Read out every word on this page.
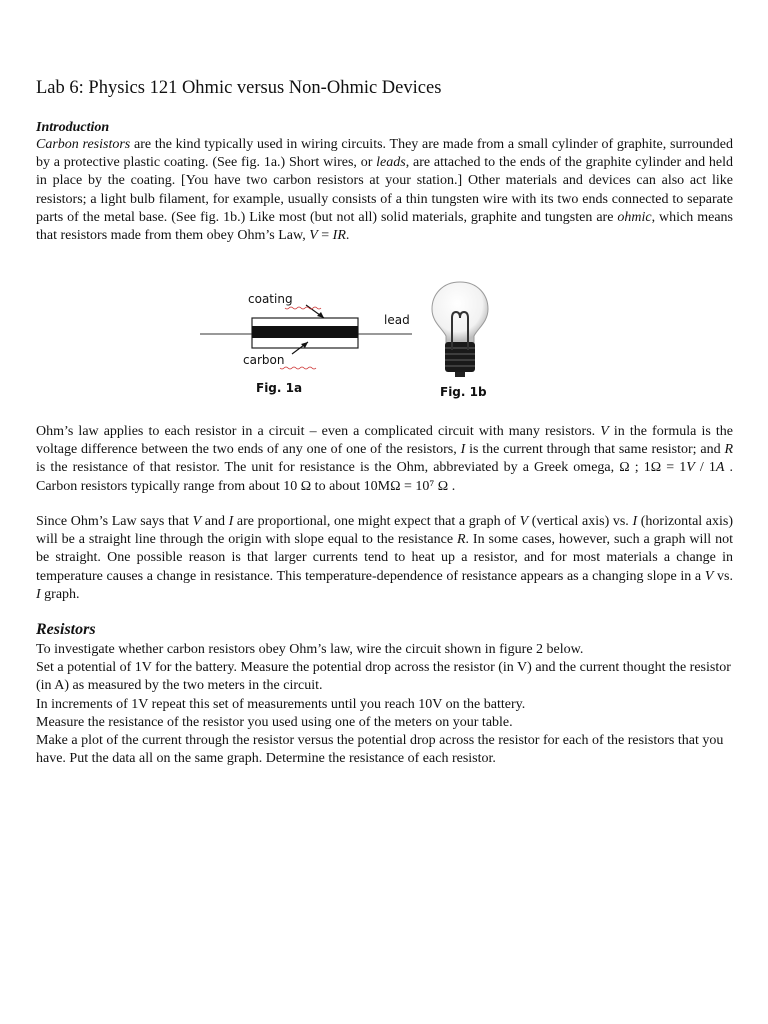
Lab 6: Physics 121 Ohmic versus Non-Ohmic Devices
Introduction

Carbon resistors are the kind typically used in wiring circuits. They are made from a small cylinder of graphite, surrounded by a protective plastic coating. (See fig. 1a.) Short wires, or leads, are attached to the ends of the graphite cylinder and held in place by the coating. [You have two carbon resistors at your station.] Other materials and devices can also act like resistors; a light bulb filament, for example, usually consists of a thin tungsten wire with its two ends connected to separate parts of the metal base. (See fig. 1b.) Like most (but not all) solid materials, graphite and tungsten are ohmic, which means that resistors made from them obey Ohm’s Law, V = IR.

coating
lead
carbon
Fig. 1a	Fig. 1b

Ohm’s law applies to each resistor in a circuit – even a complicated circuit with many resistors. V in the formula is the voltage difference between the two ends of any one of one of the resistors, I is the current through that same resistor; and R is the resistance of that resistor. The unit for resistance is the Ohm, abbreviated by a Greek omega, Ω ; 1Ω = 1V / 1A . Carbon resistors typically range from about 10 Ω to about 10MΩ = 10⁷ Ω .

Since Ohm’s Law says that V and I are proportional, one might expect that a graph of V (vertical axis) vs. I (horizontal axis) will be a straight line through the origin with slope equal to the resistance R. In some cases, however, such a graph will not be straight. One possible reason is that larger currents tend to heat up a resistor, and for most materials a change in temperature causes a change in resistance. This temperature-dependence of resistance appears as a changing slope in a V vs. I graph.

Resistors

To investigate whether carbon resistors obey Ohm’s law, wire the circuit shown in figure 2 below.

Set a potential of 1V for the battery. Measure the potential drop across the resistor (in V) and the current thought the resistor (in A) as measured by the two meters in the circuit.

In increments of 1V repeat this set of measurements until you reach 10V on the battery.

Measure the resistance of the resistor you used using one of the meters on your table.

Make a plot of the current through the resistor versus the potential drop across the resistor for each of the resistors that you have. Put the data all on the same graph. Determine the resistance of each resistor.
